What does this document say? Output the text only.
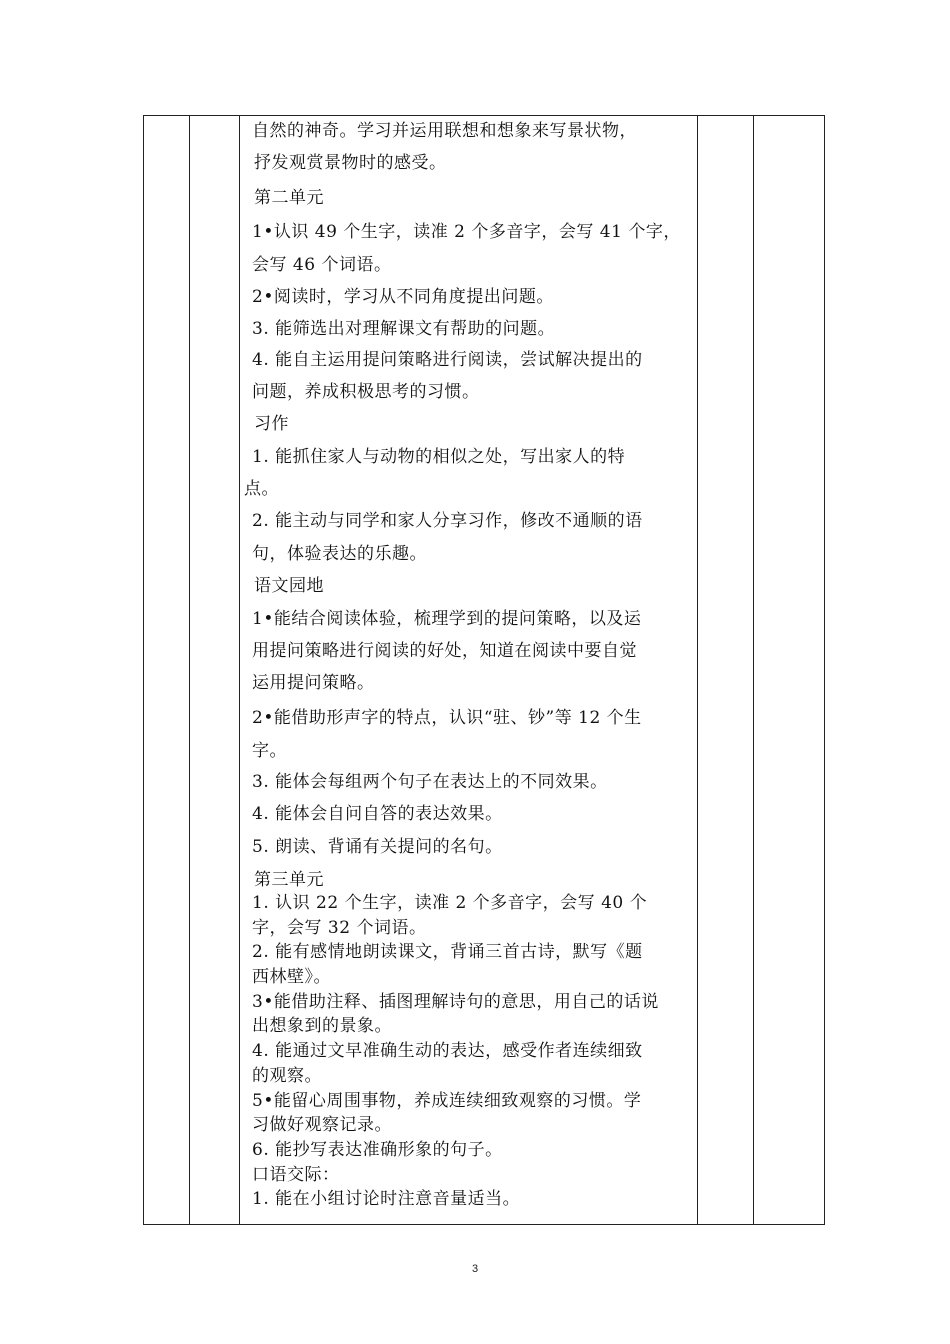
自然的神奇。学习并运用联想和想象来写景状物，
抒发观赏景物时的感受。
第二单元
1•认识 49 个生字，读准 2 个多音字，会写 41 个字，
会写 46 个词语。
2•阅读时，学习从不同角度提出问题。
3. 能筛选出对理解课文有帮助的问题。
4. 能自主运用提问策略进行阅读，尝试解决提出的
问题，养成积极思考的习惯。
习作
1. 能抓住家人与动物的相似之处，写出家人的特
点。
2. 能主动与同学和家人分享习作，修改不通顺的语
句，体验表达的乐趣。
语文园地
1•能结合阅读体验，梳理学到的提问策略，以及运
用提问策略进行阅读的好处，知道在阅读中要自觉
运用提问策略。
2•能借助形声字的特点，认识“驻、钞”等 12 个生
字。
3. 能体会每组两个句子在表达上的不同效果。
4. 能体会自问自答的表达效果。
5. 朗读、背诵有关提问的名句。
第三单元
1. 认识 22 个生字，读准 2 个多音字，会写 40 个
字，会写 32 个词语。
2. 能有感情地朗读课文，背诵三首古诗，默写《题
西林壁》。
3•能借助注释、插图理解诗句的意思，用自己的话说
出想象到的景象。
4. 能通过文早准确生动的表达，感受作者连续细致
的观察。
5•能留心周围事物，养成连续细致观察的习惯。学
习做好观察记录。
6. 能抄写表达准确形象的句子。
口语交际：
1. 能在小组讨论时注意音量适当。
3
